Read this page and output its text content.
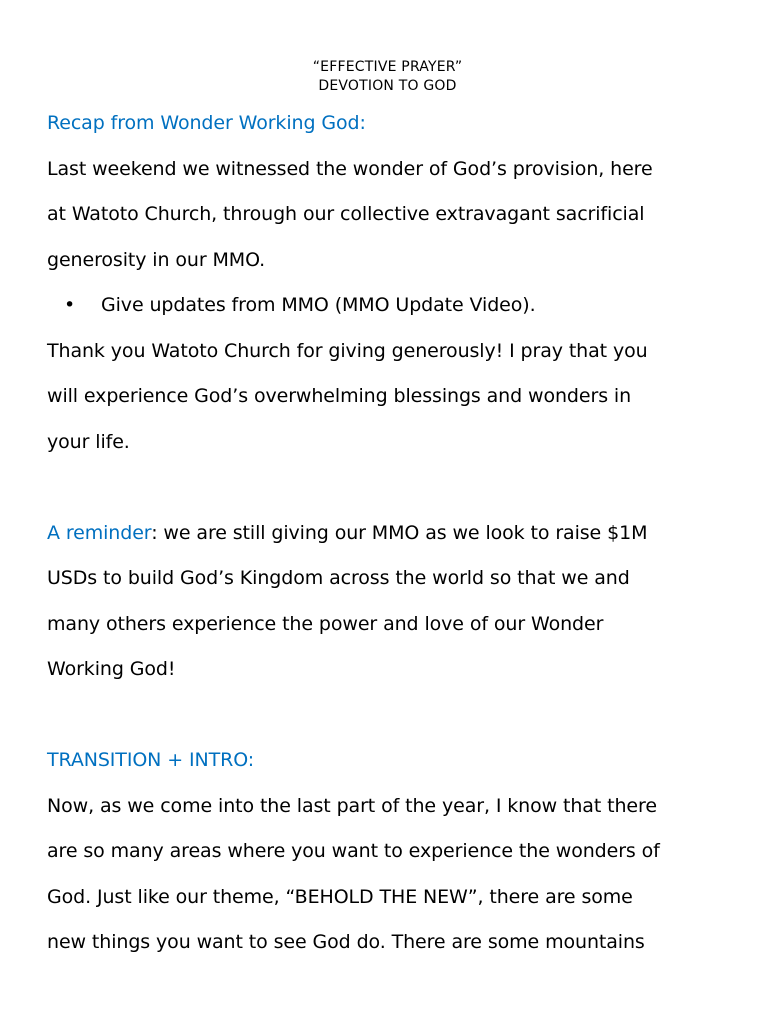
“EFFECTIVE PRAYER”
DEVOTION TO GOD
Recap from Wonder Working God:
Last weekend we witnessed the wonder of God’s provision, here
at Watoto Church, through our collective extravagant sacrificial
generosity in our MMO.
• Give updates from MMO (MMO Update Video).
Thank you Watoto Church for giving generously! I pray that you
will experience God’s overwhelming blessings and wonders in
your life.
A reminder: we are still giving our MMO as we look to raise $1M
USDs to build God’s Kingdom across the world so that we and
many others experience the power and love of our Wonder
Working God!
TRANSITION + INTRO:
Now, as we come into the last part of the year, I know that there
are so many areas where you want to experience the wonders of
God. Just like our theme, “BEHOLD THE NEW”, there are some
new things you want to see God do. There are some mountains
